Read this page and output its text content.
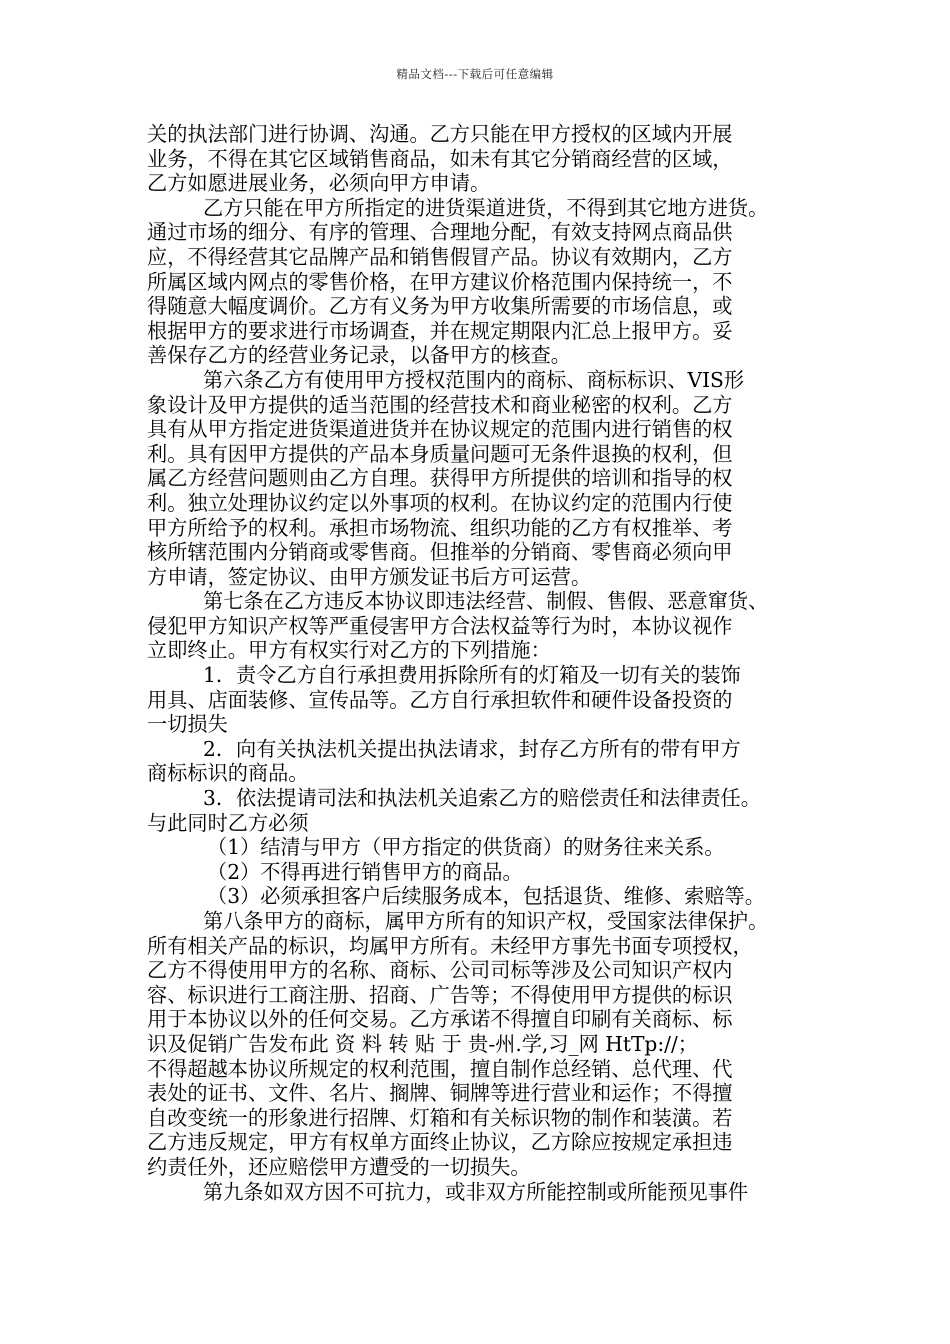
精品文档---下载后可任意编辑
关的执法部门进行协调、沟通。乙方只能在甲方授权的区域内开展
业务，不得在其它区域销售商品，如未有其它分销商经营的区域，
乙方如愿进展业务，必须向甲方申请。
乙方只能在甲方所指定的进货渠道进货，不得到其它地方进货。
通过市场的细分、有序的管理、合理地分配，有效支持网点商品供
应，不得经营其它品牌产品和销售假冒产品。协议有效期内，乙方
所属区域内网点的零售价格，在甲方建议价格范围内保持统一，不
得随意大幅度调价。乙方有义务为甲方收集所需要的市场信息，或
根据甲方的要求进行市场调查，并在规定期限内汇总上报甲方。妥
善保存乙方的经营业务记录，以备甲方的核查。
第六条乙方有使用甲方授权范围内的商标、商标标识、VIS形
象设计及甲方提供的适当范围的经营技术和商业秘密的权利。乙方
具有从甲方指定进货渠道进货并在协议规定的范围内进行销售的权
利。具有因甲方提供的产品本身质量问题可无条件退换的权利，但
属乙方经营问题则由乙方自理。获得甲方所提供的培训和指导的权
利。独立处理协议约定以外事项的权利。在协议约定的范围内行使
甲方所给予的权利。承担市场物流、组织功能的乙方有权推举、考
核所辖范围内分销商或零售商。但推举的分销商、零售商必须向甲
方申请，签定协议、由甲方颁发证书后方可运营。
第七条在乙方违反本协议即违法经营、制假、售假、恶意窜货、
侵犯甲方知识产权等严重侵害甲方合法权益等行为时，本协议视作
立即终止。甲方有权实行对乙方的下列措施：
1．责令乙方自行承担费用拆除所有的灯箱及一切有关的装饰
用具、店面装修、宣传品等。乙方自行承担软件和硬件设备投资的
一切损失
2．向有关执法机关提出执法请求，封存乙方所有的带有甲方
商标标识的商品。
3．依法提请司法和执法机关追索乙方的赔偿责任和法律责任。
与此同时乙方必须
（1）结清与甲方（甲方指定的供货商）的财务往来关系。
（2）不得再进行销售甲方的商品。
（3）必须承担客户后续服务成本，包括退货、维修、索赔等。
第八条甲方的商标，属甲方所有的知识产权，受国家法律保护。
所有相关产品的标识，均属甲方所有。未经甲方事先书面专项授权，
乙方不得使用甲方的名称、商标、公司司标等涉及公司知识产权内
容、标识进行工商注册、招商、广告等；不得使用甲方提供的标识
用于本协议以外的任何交易。乙方承诺不得擅自印刷有关商标、标
识及促销广告发布此 资 料 转 贴 于 贵-州.学,习_网 HtTp://；
不得超越本协议所规定的权利范围，擅自制作总经销、总代理、代
表处的证书、文件、名片、搁牌、铜牌等进行营业和运作；不得擅
自改变统一的形象进行招牌、灯箱和有关标识物的制作和装潢。若
乙方违反规定，甲方有权单方面终止协议，乙方除应按规定承担违
约责任外，还应赔偿甲方遭受的一切损失。
第九条如双方因不可抗力，或非双方所能控制或所能预见事件
